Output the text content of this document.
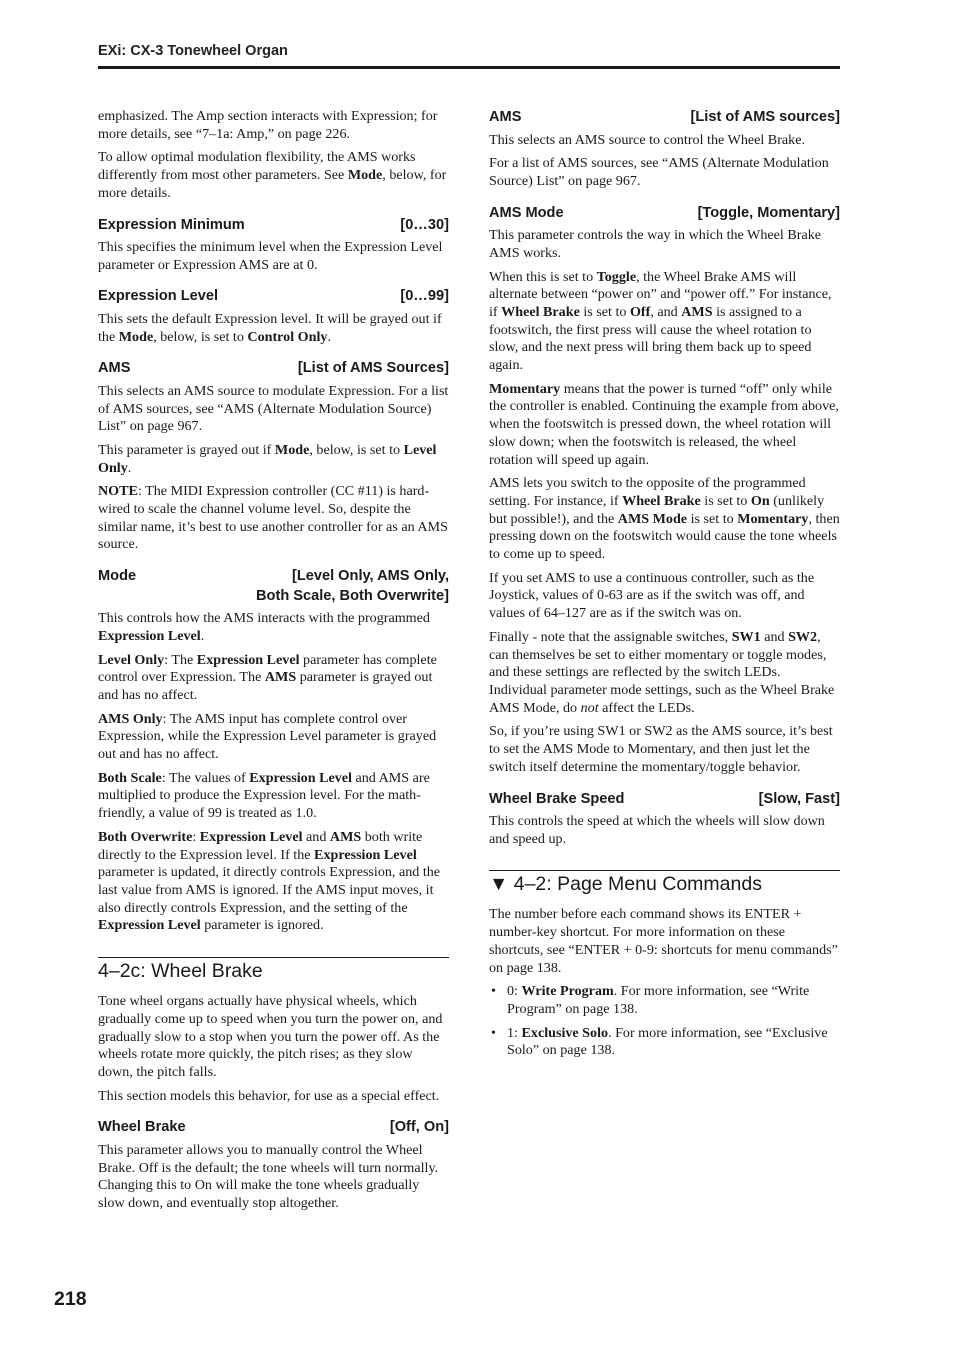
EXi: CX-3 Tonewheel Organ

emphasized. The Amp section interacts with Expression; for more details, see “7–1a: Amp,” on page 226.

To allow optimal modulation flexibility, the AMS works differently from most other parameters. See Mode, below, for more details.

Expression Minimum	[0…30]

This specifies the minimum level when the Expression Level parameter or Expression AMS are at 0.

Expression Level	[0…99]

This sets the default Expression level. It will be grayed out if the Mode, below, is set to Control Only.

AMS	[List of AMS Sources]

This selects an AMS source to modulate Expression. For a list of AMS sources, see “AMS (Alternate Modulation Source) List” on page 967.

This parameter is grayed out if Mode, below, is set to Level Only.

NOTE: The MIDI Expression controller (CC #11) is hard-wired to scale the channel volume level. So, despite the similar name, it’s best to use another controller for as an AMS source.

Mode	[Level Only, AMS Only,
Both Scale, Both Overwrite]

This controls how the AMS interacts with the programmed Expression Level.

Level Only: The Expression Level parameter has complete control over Expression. The AMS parameter is grayed out and has no affect.

AMS Only: The AMS input has complete control over Expression, while the Expression Level parameter is grayed out and has no affect.

Both Scale: The values of Expression Level and AMS are multiplied to produce the Expression level. For the math-friendly, a value of 99 is treated as 1.0.

Both Overwrite: Expression Level and AMS both write directly to the Expression level. If the Expression Level parameter is updated, it directly controls Expression, and the last value from AMS is ignored. If the AMS input moves, it also directly controls Expression, and the setting of the Expression Level parameter is ignored.

4–2c: Wheel Brake

Tone wheel organs actually have physical wheels, which gradually come up to speed when you turn the power on, and gradually slow to a stop when you turn the power off. As the wheels rotate more quickly, the pitch rises; as they slow down, the pitch falls.

This section models this behavior, for use as a special effect.

Wheel Brake	[Off, On]

This parameter allows you to manually control the Wheel Brake. Off is the default; the tone wheels will turn normally. Changing this to On will make the tone wheels gradually slow down, and eventually stop altogether.

AMS	[List of AMS sources]

This selects an AMS source to control the Wheel Brake.

For a list of AMS sources, see “AMS (Alternate Modulation Source) List” on page 967.

AMS Mode	[Toggle, Momentary]

This parameter controls the way in which the Wheel Brake AMS works.

When this is set to Toggle, the Wheel Brake AMS will alternate between “power on” and “power off.” For instance, if Wheel Brake is set to Off, and AMS is assigned to a footswitch, the first press will cause the wheel rotation to slow, and the next press will bring them back up to speed again.

Momentary means that the power is turned “off” only while the controller is enabled. Continuing the example from above, when the footswitch is pressed down, the wheel rotation will slow down; when the footswitch is released, the wheel rotation will speed up again.

AMS lets you switch to the opposite of the programmed setting. For instance, if Wheel Brake is set to On (unlikely but possible!), and the AMS Mode is set to Momentary, then pressing down on the footswitch would cause the tone wheels to come up to speed.

If you set AMS to use a continuous controller, such as the Joystick, values of 0-63 are as if the switch was off, and values of 64–127 are as if the switch was on.

Finally - note that the assignable switches, SW1 and SW2, can themselves be set to either momentary or toggle modes, and these settings are reflected by the switch LEDs. Individual parameter mode settings, such as the Wheel Brake AMS Mode, do not affect the LEDs.

So, if you’re using SW1 or SW2 as the AMS source, it’s best to set the AMS Mode to Momentary, and then just let the switch itself determine the momentary/toggle behavior.

Wheel Brake Speed	[Slow, Fast]

This controls the speed at which the wheels will slow down and speed up.

▼ 4–2: Page Menu Commands

The number before each command shows its ENTER + number-key shortcut. For more information on these shortcuts, see “ENTER + 0-9: shortcuts for menu commands” on page 138.

• 0: Write Program. For more information, see “Write Program” on page 138.
• 1: Exclusive Solo. For more information, see “Exclusive Solo” on page 138.
218
